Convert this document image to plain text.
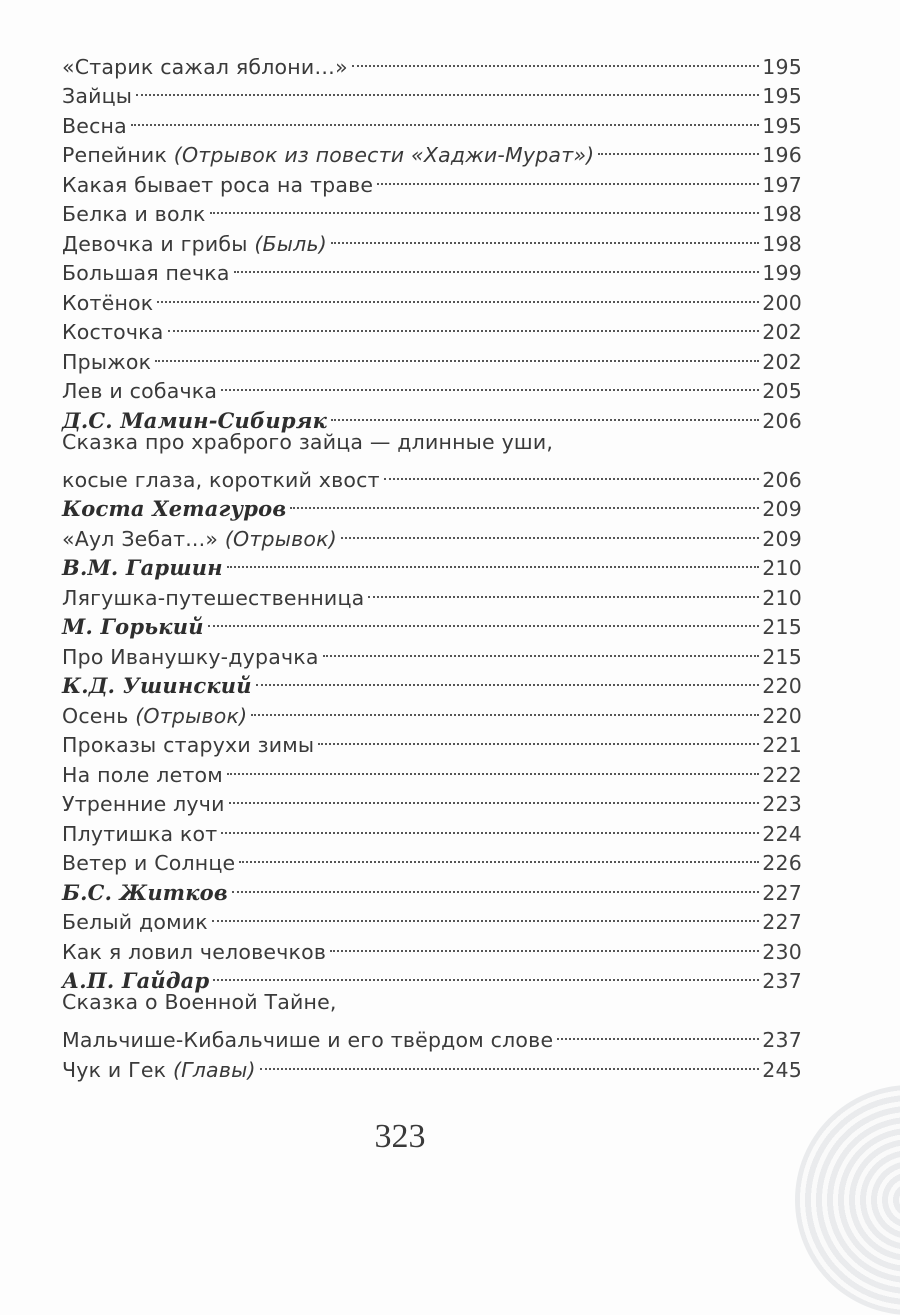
«Старик сажал яблони…»	195
Зайцы	195
Весна	195
Репейник (Отрывок из повести «Хаджи-Мурат»)	196
Какая бывает роса на траве	197
Белка и волк	198
Девочка и грибы (Быль)	198
Большая печка	199
Котёнок	200
Косточка	202
Прыжок	202
Лев и собачка	205
Д.С. Мамин-Сибиряк	206
Сказка про храброго зайца — длинные уши,
косые глаза, короткий хвост	206
Коста Хетагуров	209
«Аул Зебат...» (Отрывок)	209
В.М. Гаршин	210
Лягушка-путешественница	210
М. Горький	215
Про Иванушку-дурачка	215
К.Д. Ушинский	220
Осень (Отрывок)	220
Проказы старухи зимы	221
На поле летом	222
Утренние лучи	223
Плутишка кот	224
Ветер и Солнце	226
Б.С. Житков	227
Белый домик	227
Как я ловил человечков	230
А.П. Гайдар	237
Сказка о Военной Тайне,
Мальчише-Кибальчише и его твёрдом слове	237
Чук и Гек (Главы)	245
323
